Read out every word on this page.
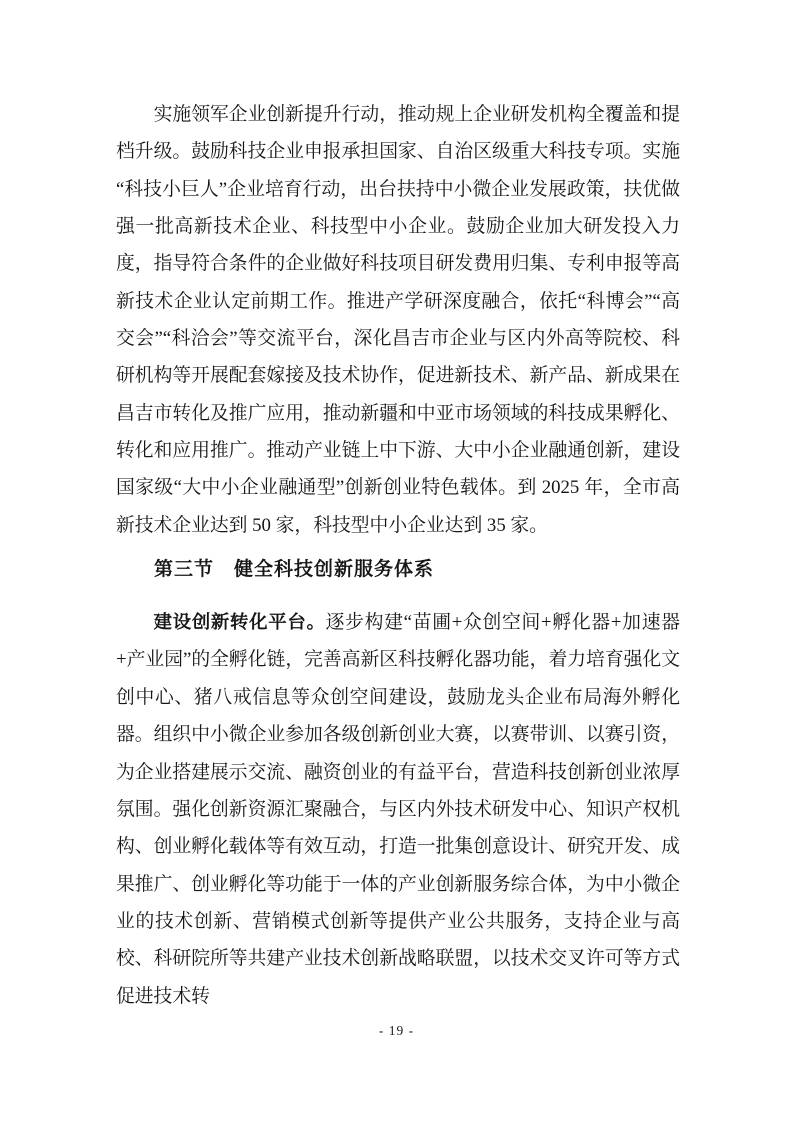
实施领军企业创新提升行动，推动规上企业研发机构全覆盖和提档升级。鼓励科技企业申报承担国家、自治区级重大科技专项。实施“科技小巨人”企业培育行动，出台扶持中小微企业发展政策，扶优做强一批高新技术企业、科技型中小企业。鼓励企业加大研发投入力度，指导符合条件的企业做好科技项目研发费用归集、专利申报等高新技术企业认定前期工作。推进产学研深度融合，依托“科博会”“高交会”“科洽会”等交流平台，深化昌吉市企业与区内外高等院校、科研机构等开展配套嫁接及技术协作，促进新技术、新产品、新成果在昌吉市转化及推广应用，推动新疆和中亚市场领域的科技成果孵化、转化和应用推广。推动产业链上中下游、大中小企业融通创新，建设国家级“大中小企业融通型”创新创业特色载体。到 2025 年，全市高新技术企业达到 50 家，科技型中小企业达到 35 家。

第三节　健全科技创新服务体系

建设创新转化平台。逐步构建“苗圃+众创空间+孵化器+加速器+产业园”的全孵化链，完善高新区科技孵化器功能，着力培育强化文创中心、猪八戒信息等众创空间建设，鼓励龙头企业布局海外孵化器。组织中小微企业参加各级创新创业大赛，以赛带训、以赛引资，为企业搭建展示交流、融资创业的有益平台，营造科技创新创业浓厚氛围。强化创新资源汇聚融合，与区内外技术研发中心、知识产权机构、创业孵化载体等有效互动，打造一批集创意设计、研究开发、成果推广、创业孵化等功能于一体的产业创新服务综合体，为中小微企业的技术创新、营销模式创新等提供产业公共服务，支持企业与高校、科研院所等共建产业技术创新战略联盟，以技术交叉许可等方式促进技术转

- 19 -
